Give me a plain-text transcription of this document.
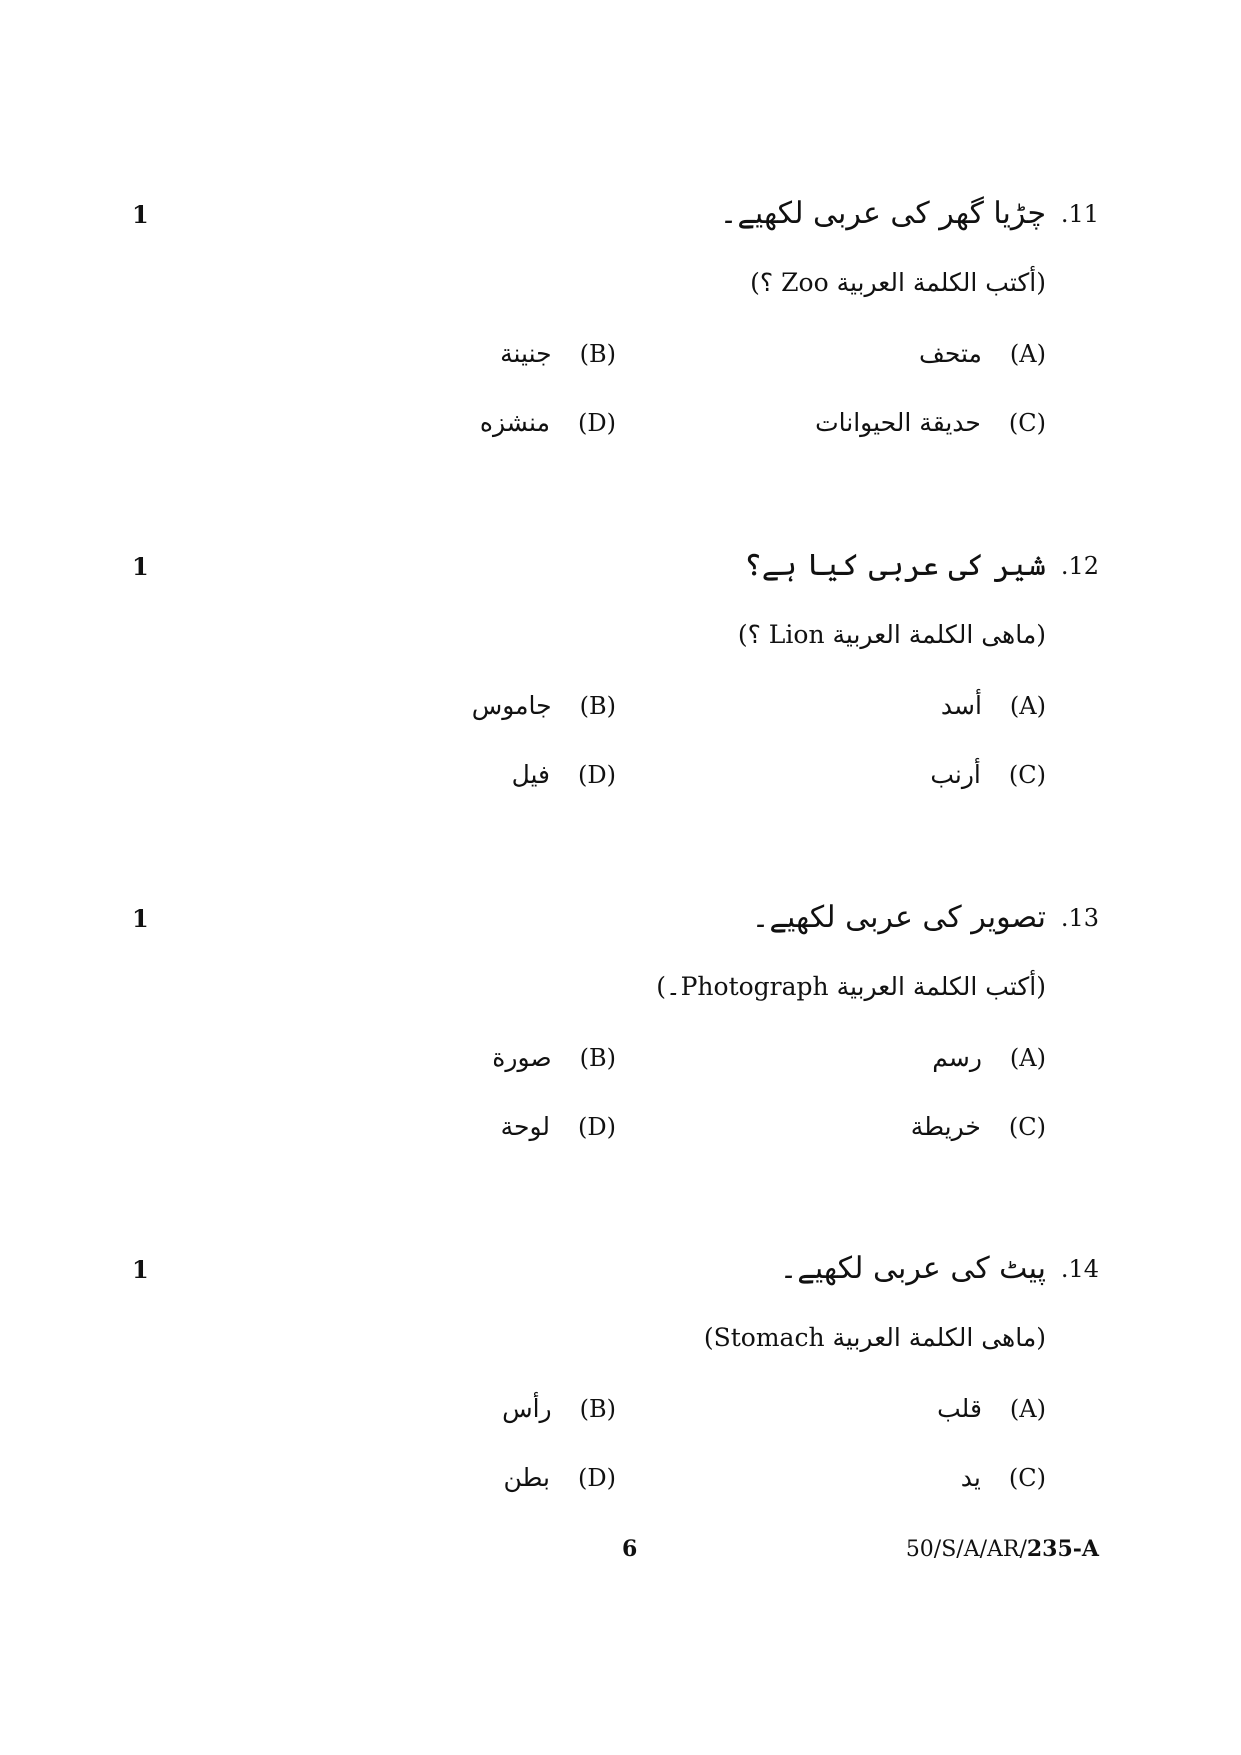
1	چڑیا گھر کی عربی لکھیے۔ .11
(أكتب الكلمة العربية Zoo ؟)
(A)متحف
(B)جنينة
(C)حديقة الحيوانات
(D)منشزه
1	شیر کی عربی کیا ہے؟ .12
(ماهى الكلمة العربية Lion ؟)
(A)أسد
(B)جاموس
(C)أرنب
(D)فيل
1	تصویر کی عربی لکھیے۔ .13
(أكتب الكلمة العربية Photograph۔)
(A)رسم
(B)صورة
(C)خريطة
(D)لوحة
1	پیٹ کی عربی لکھیے۔ .14
(ماهى الكلمة العربية Stomach)
(A)قلب
(B)رأس
(C)يد
(D)بطن
6	50/S/A/AR/235-A
